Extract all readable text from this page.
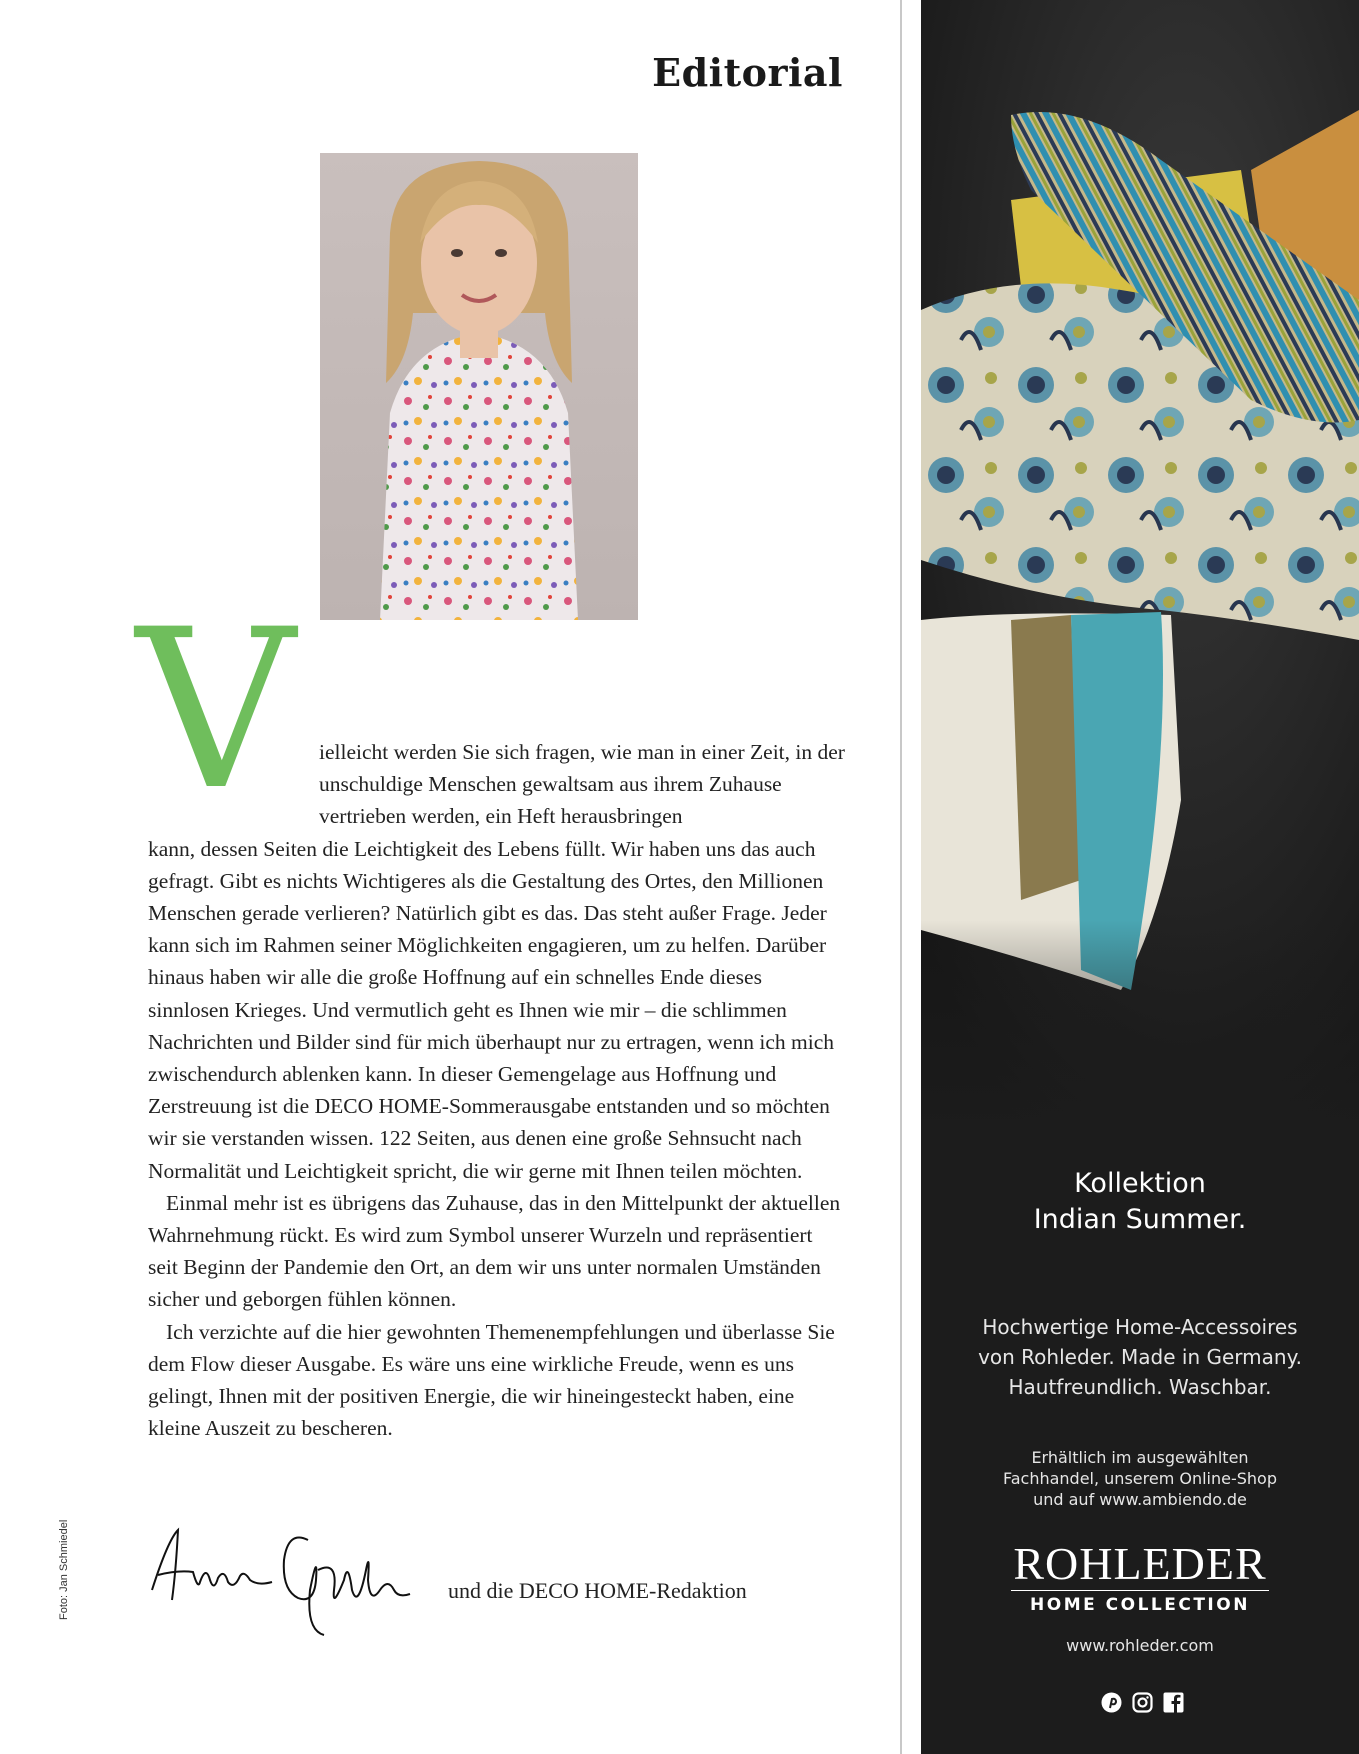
Editorial
V	ielleicht werden Sie sich fragen, wie man in einer Zeit, in der unschuldige Menschen gewaltsam aus ihrem Zuhause vertrieben werden, ein Heft herausbringen
kann, dessen Seiten die Leichtigkeit des Lebens füllt. Wir haben uns das auch gefragt. Gibt es nichts Wichtigeres als die Gestaltung des Ortes, den Millionen Menschen gerade verlieren? Natürlich gibt es das. Das steht außer Frage. Jeder kann sich im Rahmen seiner Möglichkeiten engagieren, um zu helfen. Darüber hinaus haben wir alle die große Hoffnung auf ein schnelles Ende dieses sinnlosen Krieges. Und vermutlich geht es Ihnen wie mir – die schlimmen Nachrichten und Bilder sind für mich überhaupt nur zu ertragen, wenn ich mich zwischendurch ablenken kann. In dieser Gemengelage aus Hoffnung und Zerstreuung ist die DECO HOME-Sommerausgabe entstanden und so möchten wir sie verstanden wissen. 122 Seiten, aus denen eine große Sehnsucht nach Normalität und Leichtigkeit spricht, die wir gerne mit Ihnen teilen möchten.

Einmal mehr ist es übrigens das Zuhause, das in den Mittelpunkt der aktuellen Wahrnehmung rückt. Es wird zum Symbol unserer Wurzeln und repräsentiert seit Beginn der Pandemie den Ort, an dem wir uns unter normalen Umständen sicher und geborgen fühlen können.

Ich verzichte auf die hier gewohnten Themenempfehlungen und überlasse Sie dem Flow dieser Ausgabe. Es wäre uns eine wirkliche Freude, wenn es uns gelingt, Ihnen mit der positiven Energie, die wir hineingesteckt haben, eine kleine Auszeit zu bescheren.

und die DECO HOME-Redaktion
Foto: Jan Schmiedel
Kollektion
Indian Summer.
Hochwertige Home-Accessoires
von Rohleder. Made in Germany.
Hautfreundlich. Waschbar.
Erhältlich im ausgewählten
Fachhandel, unserem Online-Shop
und auf www.ambiendo.de
ROHLEDER
HOME COLLECTION
www.rohleder.com
